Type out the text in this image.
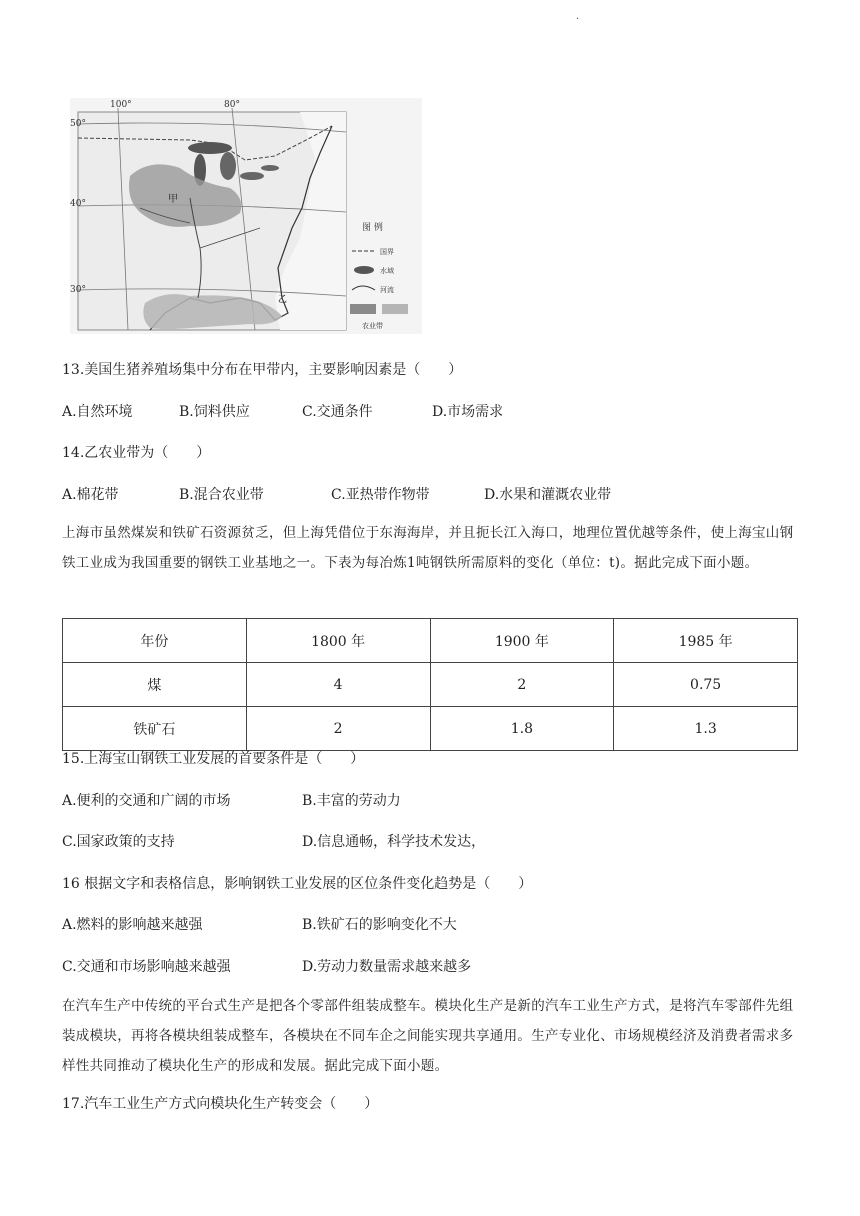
·
100°	80°
50°
40°
30°
甲
乙
图 例
国界
水域
河流
农业带
13.美国生猪养殖场集中分布在甲带内，主要影响因素是（　　）
A.自然环境	B.饲料供应	C.交通条件	D.市场需求
14.乙农业带为（　　）
A.棉花带	B.混合农业带	C.亚热带作物带	D.水果和灌溉农业带
上海市虽然煤炭和铁矿石资源贫乏，但上海凭借位于东海海岸，并且扼长江入海口，地理位置优越等条件，使上海宝山钢铁工业成为我国重要的钢铁工业基地之一。下表为每冶炼1吨钢铁所需原料的变化（单位：t)。据此完成下面小题。
年份	1800 年	1900 年	1985 年
煤	4	2	0.75
铁矿石	2	1.8	1.3
15.上海宝山钢铁工业发展的首要条件是（　　）
A.便利的交通和广阔的市场	B.丰富的劳动力
C.国家政策的支持	D.信息通畅，科学技术发达，
16 根据文字和表格信息，影响钢铁工业发展的区位条件变化趋势是（　　）
A.燃料的影响越来越强	B.铁矿石的影响变化不大
C.交通和市场影响越来越强	D.劳动力数量需求越来越多
在汽车生产中传统的平台式生产是把各个零部件组装成整车。模块化生产是新的汽车工业生产方式，是将汽车零部件先组装成模块，再将各模块组装成整车，各模块在不同车企之间能实现共享通用。生产专业化、市场规模经济及消费者需求多样性共同推动了模块化生产的形成和发展。据此完成下面小题。
17.汽车工业生产方式向模块化生产转变会（　　）
